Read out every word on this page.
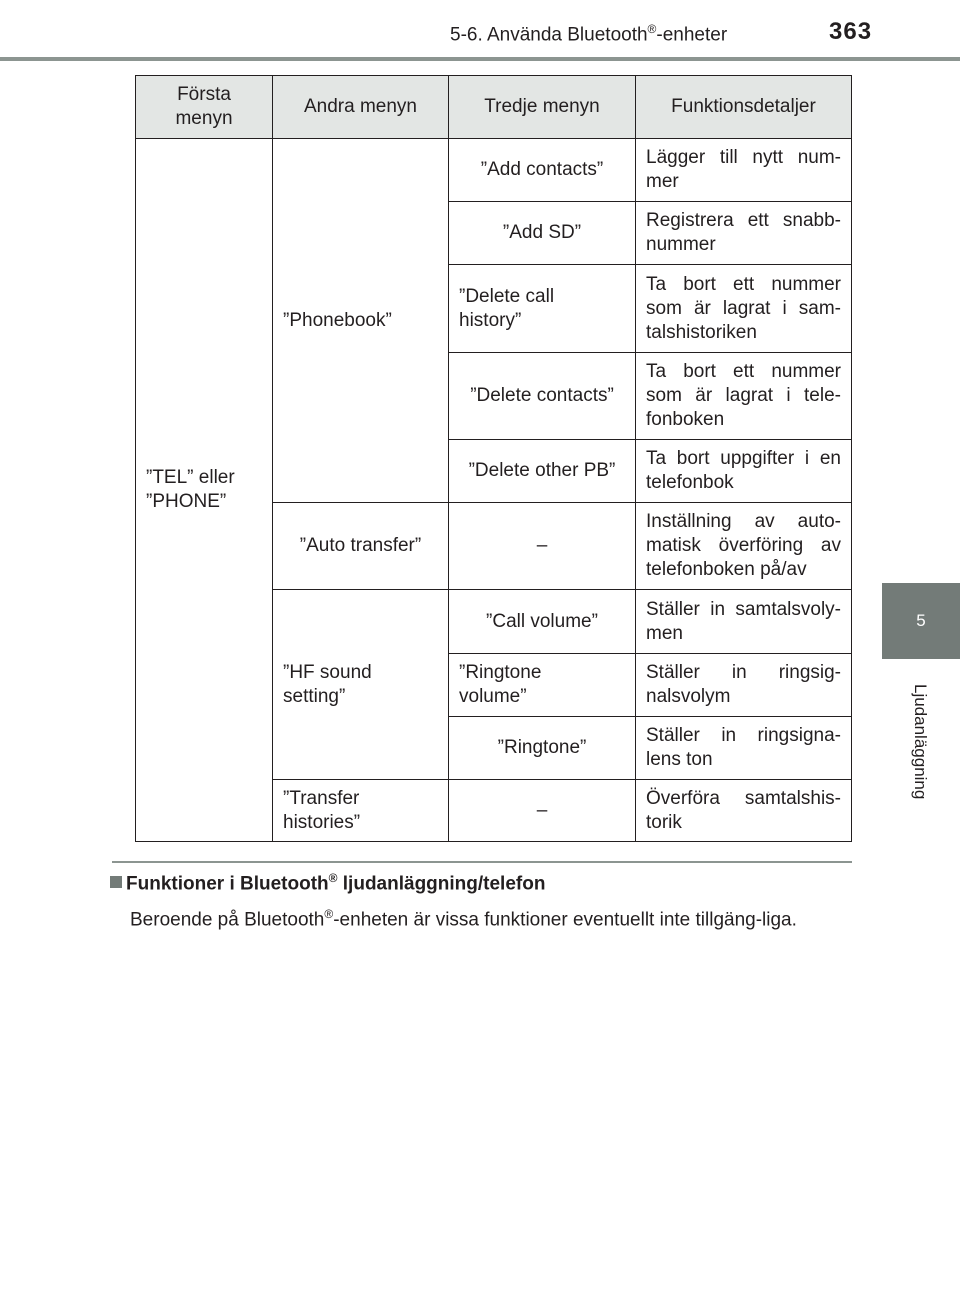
5-6. Använda Bluetooth®-enheter	363
5
Ljudanläggning
Första menyn	Andra menyn	Tredje menyn	Funktionsdetaljer
”TEL” eller ”PHONE”	”Phonebook”	”Add contacts”	Lägger till nytt num-mer
		”Add SD”	Registrera ett snabb-nummer
		”Delete call history”	Ta bort ett nummer som är lagrat i sam-talshistoriken
		”Delete contacts”	Ta bort ett nummer som är lagrat i tele-fonboken
		”Delete other PB”	Ta bort uppgifter i en telefonbok
	”Auto transfer”	–	Inställning av auto-matisk överföring av telefonboken på/av
	”HF sound setting”	”Call volume”	Ställer in samtalsvoly-men
		”Ringtone volume”	Ställer in ringsig-nalsvolym
		”Ringtone”	Ställer in ringsigna-lens ton
	”Transfer histories”	–	Överföra samtalshis-torik
Funktioner i Bluetooth® ljudanläggning/telefon
Beroende på Bluetooth®-enheten är vissa funktioner eventuellt inte tillgäng-liga.
